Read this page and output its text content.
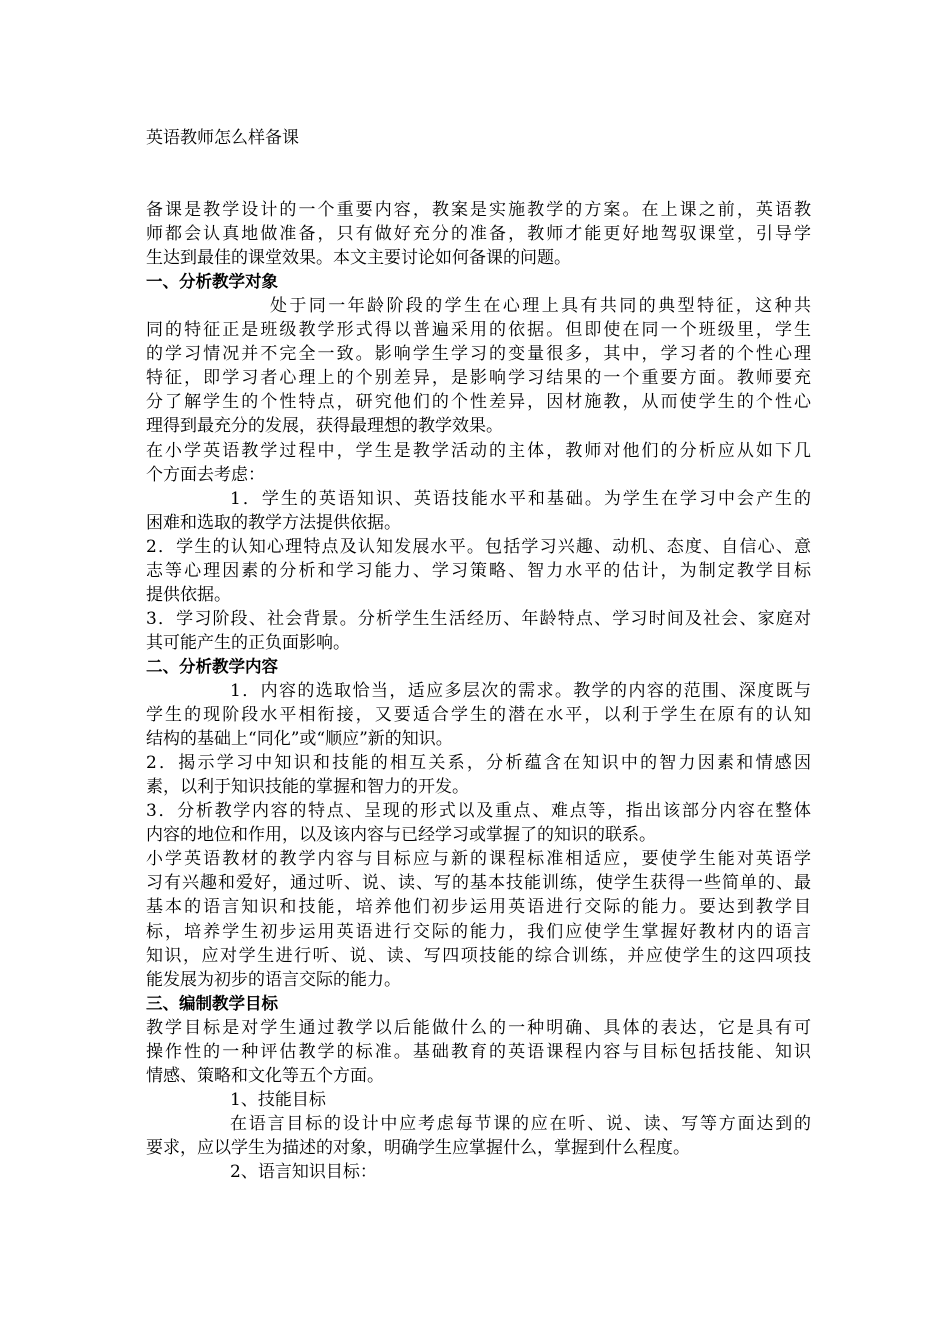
英语教师怎么样备课
备课是教学设计的一个重要内容，教案是实施教学的方案。在上课之前，英语教
师都会认真地做准备，只有做好充分的准备，教师才能更好地驾驭课堂，引导学
生达到最佳的课堂效果。本文主要讨论如何备课的问题。
一、分析教学对象
处于同一年龄阶段的学生在心理上具有共同的典型特征，这种共
同的特征正是班级教学形式得以普遍采用的依据。但即使在同一个班级里，学生
的学习情况并不完全一致。影响学生学习的变量很多，其中，学习者的个性心理
特征，即学习者心理上的个别差异，是影响学习结果的一个重要方面。教师要充
分了解学生的个性特点，研究他们的个性差异，因材施教，从而使学生的个性心
理得到最充分的发展，获得最理想的教学效果。
在小学英语教学过程中，学生是教学活动的主体，教师对他们的分析应从如下几
个方面去考虑：
1．学生的英语知识、英语技能水平和基础。为学生在学习中会产生的
困难和选取的教学方法提供依据。
2．学生的认知心理特点及认知发展水平。包括学习兴趣、动机、态度、自信心、意
志等心理因素的分析和学习能力、学习策略、智力水平的估计，为制定教学目标
提供依据。
3．学习阶段、社会背景。分析学生生活经历、年龄特点、学习时间及社会、家庭对
其可能产生的正负面影响。
二、分析教学内容
1．内容的选取恰当，适应多层次的需求。教学的内容的范围、深度既与
学生的现阶段水平相衔接，又要适合学生的潜在水平，以利于学生在原有的认知
结构的基础上“同化”或“顺应”新的知识。
2．揭示学习中知识和技能的相互关系，分析蕴含在知识中的智力因素和情感因
素，以利于知识技能的掌握和智力的开发。
3．分析教学内容的特点、呈现的形式以及重点、难点等，指出该部分内容在整体
内容的地位和作用，以及该内容与已经学习或掌握了的知识的联系。
小学英语教材的教学内容与目标应与新的课程标准相适应，要使学生能对英语学
习有兴趣和爱好，通过听、说、读、写的基本技能训练，使学生获得一些简单的、最
基本的语言知识和技能，培养他们初步运用英语进行交际的能力。要达到教学目
标，培养学生初步运用英语进行交际的能力，我们应使学生掌握好教材内的语言
知识，应对学生进行听、说、读、写四项技能的综合训练，并应使学生的这四项技
能发展为初步的语言交际的能力。
三、编制教学目标
教学目标是对学生通过教学以后能做什么的一种明确、具体的表达，它是具有可
操作性的一种评估教学的标准。基础教育的英语课程内容与目标包括技能、知识
情感、策略和文化等五个方面。
1、技能目标
在语言目标的设计中应考虑每节课的应在听、说、读、写等方面达到的
要求，应以学生为描述的对象，明确学生应掌握什么，掌握到什么程度。
2、语言知识目标：
